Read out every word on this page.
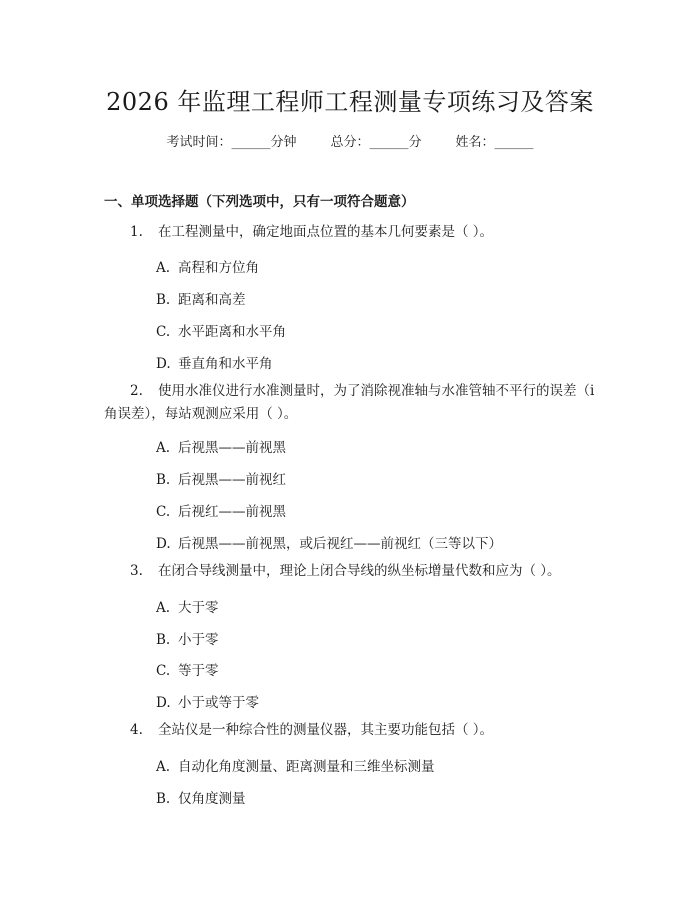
2026 年监理工程师工程测量专项练习及答案
考试时间：______分钟	总分：______分	姓名：______
一、单项选择题（下列选项中，只有一项符合题意）
1. 在工程测量中，确定地面点位置的基本几何要素是（ ）。
A. 高程和方位角
B. 距离和高差
C. 水平距离和水平角
D. 垂直角和水平角
2. 使用水准仪进行水准测量时，为了消除视准轴与水准管轴不平行的误差（i 角误差），每站观测应采用（ ）。
A. 后视黑——前视黑
B. 后视黑——前视红
C. 后视红——前视黑
D. 后视黑——前视黑，或后视红——前视红（三等以下）
3. 在闭合导线测量中，理论上闭合导线的纵坐标增量代数和应为（ ）。
A. 大于零
B. 小于零
C. 等于零
D. 小于或等于零
4. 全站仪是一种综合性的测量仪器，其主要功能包括（ ）。
A. 自动化角度测量、距离测量和三维坐标测量
B. 仅角度测量
